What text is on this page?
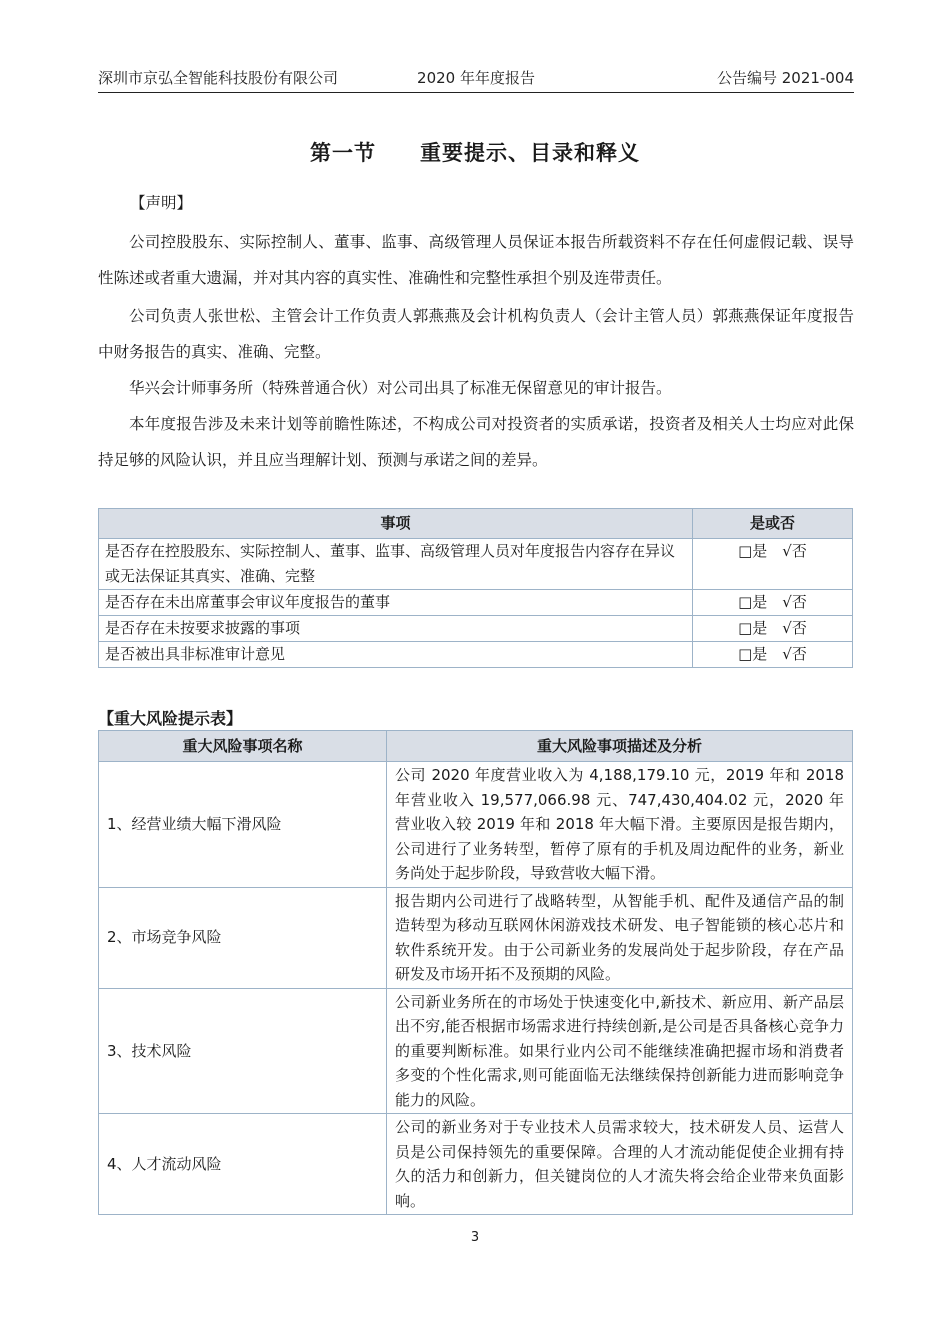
深圳市京弘全智能科技股份有限公司	2020 年年度报告	公告编号 2021-004
第一节　　重要提示、目录和释义
【声明】
公司控股股东、实际控制人、董事、监事、高级管理人员保证本报告所载资料不存在任何虚假记载、误导性陈述或者重大遗漏，并对其内容的真实性、准确性和完整性承担个别及连带责任。
公司负责人张世松、主管会计工作负责人郭燕燕及会计机构负责人（会计主管人员）郭燕燕保证年度报告中财务报告的真实、准确、完整。
华兴会计师事务所（特殊普通合伙）对公司出具了标准无保留意见的审计报告。
本年度报告涉及未来计划等前瞻性陈述，不构成公司对投资者的实质承诺，投资者及相关人士均应对此保持足够的风险认识，并且应当理解计划、预测与承诺之间的差异。
事项	是或否
是否存在控股股东、实际控制人、董事、监事、高级管理人员对年度报告内容存在异议或无法保证其真实、准确、完整	□是　√否
是否存在未出席董事会审议年度报告的董事	□是　√否
是否存在未按要求披露的事项	□是　√否
是否被出具非标准审计意见	□是　√否
【重大风险提示表】
重大风险事项名称	重大风险事项描述及分析
1、经营业绩大幅下滑风险	公司 2020 年度营业收入为 4,188,179.10 元，2019 年和 2018 年营业收入 19,577,066.98 元、747,430,404.02 元，2020 年营业收入较 2019 年和 2018 年大幅下滑。主要原因是报告期内，公司进行了业务转型，暂停了原有的手机及周边配件的业务，新业务尚处于起步阶段，导致营收大幅下滑。
2、市场竞争风险	报告期内公司进行了战略转型，从智能手机、配件及通信产品的制造转型为移动互联网休闲游戏技术研发、电子智能锁的核心芯片和软件系统开发。由于公司新业务的发展尚处于起步阶段，存在产品研发及市场开拓不及预期的风险。
3、技术风险	公司新业务所在的市场处于快速变化中,新技术、新应用、新产品层出不穷,能否根据市场需求进行持续创新,是公司是否具备核心竞争力的重要判断标准。如果行业内公司不能继续准确把握市场和消费者多变的个性化需求,则可能面临无法继续保持创新能力进而影响竞争能力的风险。
4、人才流动风险	公司的新业务对于专业技术人员需求较大，技术研发人员、运营人员是公司保持领先的重要保障。合理的人才流动能促使企业拥有持久的活力和创新力，但关键岗位的人才流失将会给企业带来负面影响。
3
